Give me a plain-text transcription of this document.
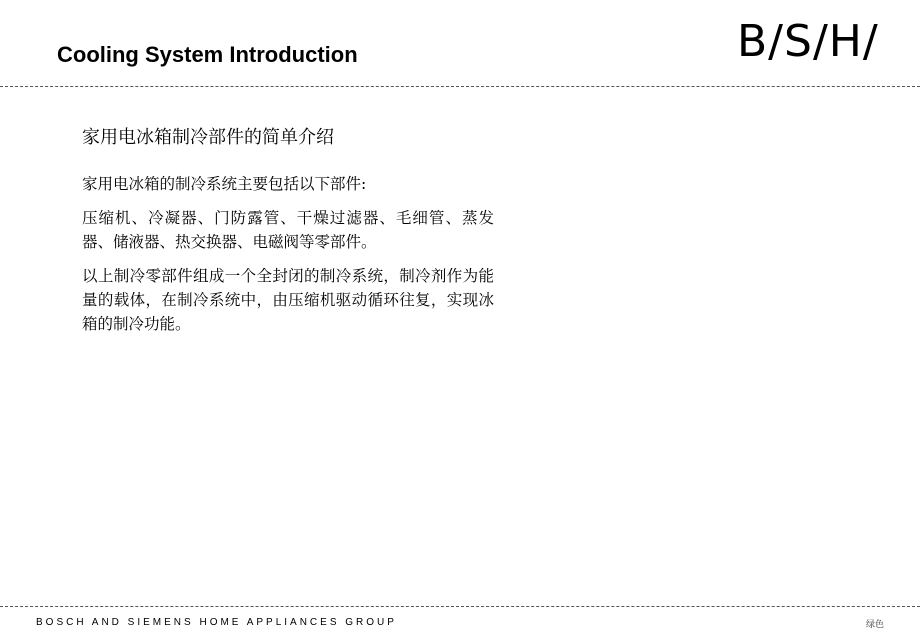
Cooling System Introduction	B/S/H/
家用电冰箱制冷部件的简单介绍

家用电冰箱的制冷系统主要包括以下部件:

压缩机、冷凝器、门防露管、干燥过滤器、毛细管、蒸发器、储液器、热交换器、电磁阀等零部件。

以上制冷零部件组成一个全封闭的制冷系统，制冷剂作为能量的载体，在制冷系统中，由压缩机驱动循环往复，实现冰箱的制冷功能。

BOSCH AND SIEMENS HOME APPLIANCES GROUP	绿色
